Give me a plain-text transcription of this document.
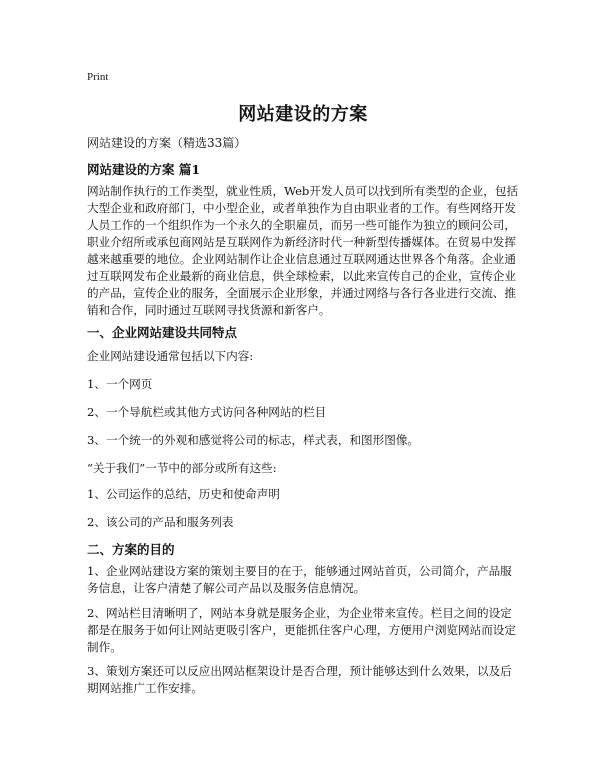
Print
网站建设的方案
网站建设的方案（精选33篇）
网站建设的方案 篇1
网站制作执行的工作类型，就业性质，Web开发人员可以找到所有类型的企业，包括大型企业和政府部门，中小型企业，或者单独作为自由职业者的工作。有些网络开发人员工作的一个组织作为一个永久的全职雇员，而另一些可能作为独立的顾问公司，职业介绍所或承包商网站是互联网作为新经济时代一种新型传播媒体。在贸易中发挥越来越重要的地位。企业网站制作让企业信息通过互联网通达世界各个角落。企业通过互联网发布企业最新的商业信息，供全球检索，以此来宣传自己的企业，宣传企业的产品，宣传企业的服务，全面展示企业形象，并通过网络与各行各业进行交流、推销和合作，同时通过互联网寻找货源和新客户。
一、企业网站建设共同特点
企业网站建设通常包括以下内容:
1、一个网页
2、一个导航栏或其他方式访问各种网站的栏目
3、一个统一的外观和感觉将公司的标志，样式表，和图形图像。
“关于我们”一节中的部分或所有这些:
1、公司运作的总结，历史和使命声明
2、该公司的产品和服务列表
二、方案的目的
1、企业网站建设方案的策划主要目的在于，能够通过网站首页，公司简介，产品服务信息，让客户清楚了解公司产品以及服务信息情况。
2、网站栏目清晰明了，网站本身就是服务企业，为企业带来宣传。栏目之间的设定都是在服务于如何让网站更吸引客户，更能抓住客户心理，方便用户浏览网站而设定制作。
3、策划方案还可以反应出网站框架设计是否合理，预计能够达到什么效果，以及后期网站推广工作安排。
